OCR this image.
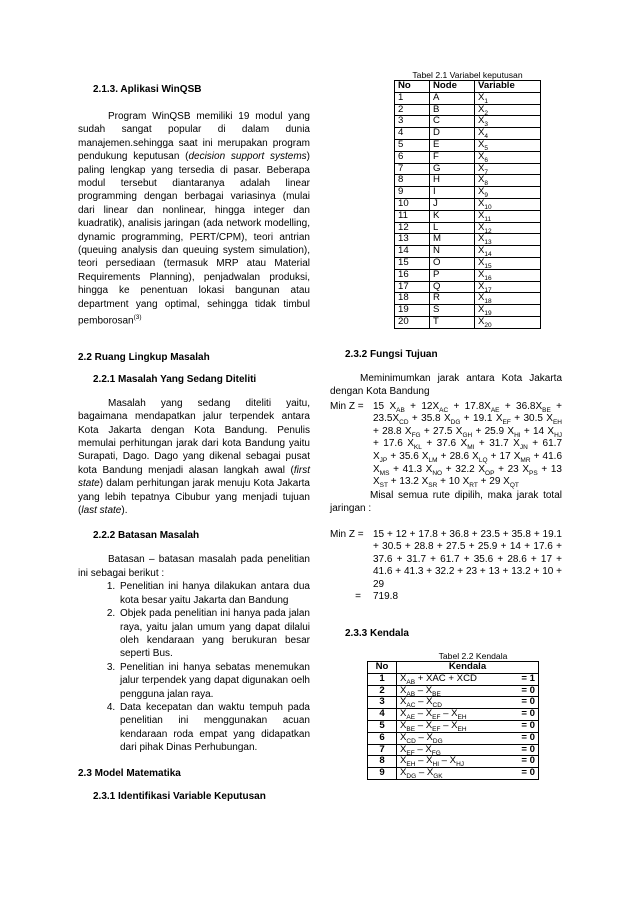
2.1.3. Aplikasi WinQSB
Program WinQSB memiliki 19 modul yang sudah sangat popular di dalam dunia manajemen.sehingga saat ini merupakan program pendukung keputusan (decision support systems) paling lengkap yang tersedia di pasar. Beberapa modul tersebut diantaranya adalah linear programming dengan berbagai variasinya (mulai dari linear dan nonlinear, hingga integer dan kuadratik), analisis jaringan (ada network modelling, dynamic programming, PERT/CPM), teori antrian (queuing analysis dan queuing system simulation), teori persediaan (termasuk MRP atau Material Requirements Planning), penjadwalan produksi, hingga ke penentuan lokasi bangunan atau department yang optimal, sehingga tidak timbul pemborosan$^{(3)}$
2.2 Ruang Lingkup Masalah
2.2.1 Masalah Yang Sedang Diteliti
Masalah yang sedang diteliti yaitu, bagaimana mendapatkan jalur terpendek antara Kota Jakarta dengan Kota Bandung. Penulis memulai perhitungan jarak dari kota Bandung yaitu Surapati, Dago. Dago yang dikenal sebagai pusat kota Bandung menjadi alasan langkah awal (first state) dalam perhitungan jarak menuju Kota Jakarta yang lebih tepatnya Cibubur yang menjadi tujuan (last state).
2.2.2 Batasan Masalah
Batasan – batasan masalah pada penelitian ini sebagai berikut :
1. Penelitian ini hanya dilakukan antara dua kota besar yaitu Jakarta dan Bandung
2. Objek pada penelitian ini hanya pada jalan raya, yaitu jalan umum yang dapat dilalui oleh kendaraan yang berukuran besar seperti Bus.
3. Penelitian ini hanya sebatas menemukan jalur terpendek yang dapat digunakan oelh pengguna jalan raya.
4. Data kecepatan dan waktu tempuh pada penelitian ini menggunakan acuan kendaraan roda empat yang didapatkan dari pihak Dinas Perhubungan.
2.3 Model Matematika
2.3.1 Identifikasi Variable Keputusan
Tabel 2.1 Variabel keputusan
No	Node	Variable
1	A	$X_1$
2	B	$X_2$
3	C	$X_3$
4	D	$X_4$
5	E	$X_5$
6	F	$X_6$
7	G	$X_7$
8	H	$X_8$
9	I	$X_9$
10	J	$X_{10}$
11	K	$X_{11}$
12	L	$X_{12}$
13	M	$X_{13}$
14	N	$X_{14}$
15	O	$X_{15}$
16	P	$X_{16}$
17	Q	$X_{17}$
18	R	$X_{18}$
19	S	$X_{19}$
20	T	$X_{20}$
2.3.2 Fungsi Tujuan
Meminimumkan jarak antara Kota Jakarta dengan Kota Bandung
Min Z = 15 $X_{AB} + 12X_{AC} + 17.8X_{AE} + 36.8X_{BE} + 23.5X_{CD} + 35.8$ $X_{DG} + 19.1$ $X_{EF} + 30.5$ $X_{EH} + 28.8$ $X_{FG} + 27.5$ $X_{GH} + 25.9$ $X_{HI} + 14$ $X_{HJ} + 17.6$ $X_{KL} + 37.6$ $X_{MI} + 31.7$ $X_{JN} + 61.7$ $X_{JP} + 35.6$ $X_{LM} + 28.6$ $X_{LQ} + 17$ $X_{MR} + 41.6$ $X_{MS} + 41.3$ $X_{NO} + 32.2$ $X_{OP} + 23$ $X_{PS} + 13$ $X_{ST} + 13.2$ $X_{SR} + 10$ $X_{RT} + 29$ $X_{QT}$
Misal semua rute dipilih, maka jarak total jaringan :
Min Z = 15 + 12 + 17.8 + 36.8 + 23.5 + 35.8 + 19.1 + 30.5 + 28.8 + 27.5 + 25.9 + 14 + 17.6 + 37.6 + 31.7 + 61.7 + 35.6 + 28.6 + 17 + 41.6 + 41.3 + 32.2 + 23 + 13 + 13.2 + 10 + 29
=	719.8
2.3.3 Kendala
Tabel 2.2 Kendala
No	Kendala
1	$X_{AB}$ + XAC + XCD = 1

2	$X_{AB} - X_{BE} = 0$

3	$X_{AC} - X_{CD} = 0$

4	$X_{AE} - X_{EF} - X_{EH} = 0$

5	$X_{BE} - X_{EF} - X_{EH} = 0$

6	$X_{CD} - X_{DG} = 0$

7	$X_{EF} - X_{FG} = 0$

8	$X_{EH} - X_{HI} - X_{HJ} = 0$

9	$X_{DG} - X_{GK} = 0$
